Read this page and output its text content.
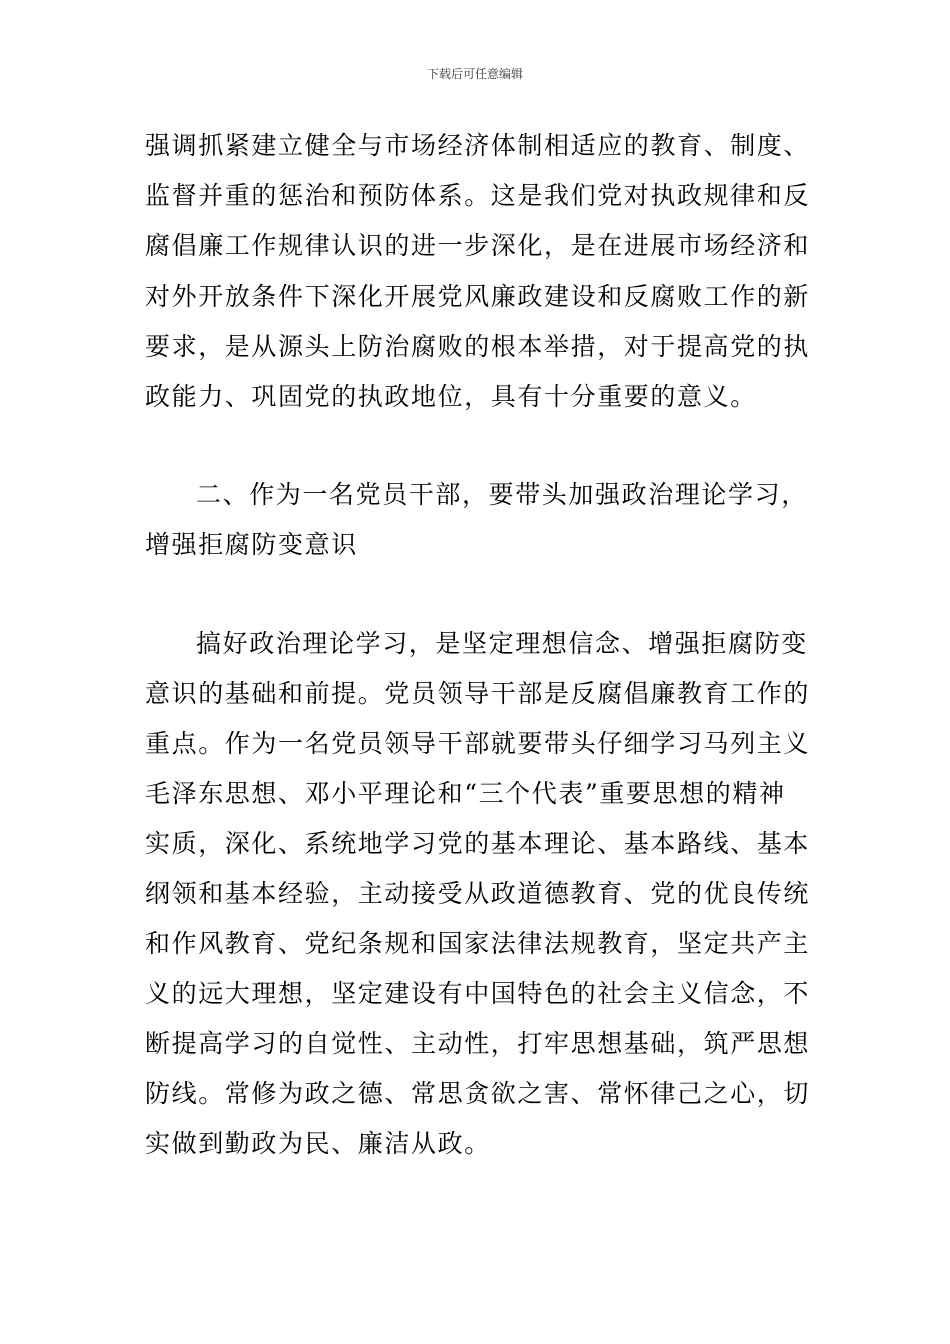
下载后可任意编辑
强调抓紧建立健全与市场经济体制相适应的教育、制度、
监督并重的惩治和预防体系。这是我们党对执政规律和反
腐倡廉工作规律认识的进一步深化，是在进展市场经济和
对外开放条件下深化开展党风廉政建设和反腐败工作的新
要求，是从源头上防治腐败的根本举措，对于提高党的执
政能力、巩固党的执政地位，具有十分重要的意义。
二、作为一名党员干部，要带头加强政治理论学习，
增强拒腐防变意识
搞好政治理论学习，是坚定理想信念、增强拒腐防变
意识的基础和前提。党员领导干部是反腐倡廉教育工作的
重点。作为一名党员领导干部就要带头仔细学习马列主义
毛泽东思想、邓小平理论和“三个代表”重要思想的精神
实质，深化、系统地学习党的基本理论、基本路线、基本
纲领和基本经验，主动接受从政道德教育、党的优良传统
和作风教育、党纪条规和国家法律法规教育，坚定共产主
义的远大理想，坚定建设有中国特色的社会主义信念，不
断提高学习的自觉性、主动性，打牢思想基础，筑严思想
防线。常修为政之德、常思贪欲之害、常怀律己之心，切
实做到勤政为民、廉洁从政。
